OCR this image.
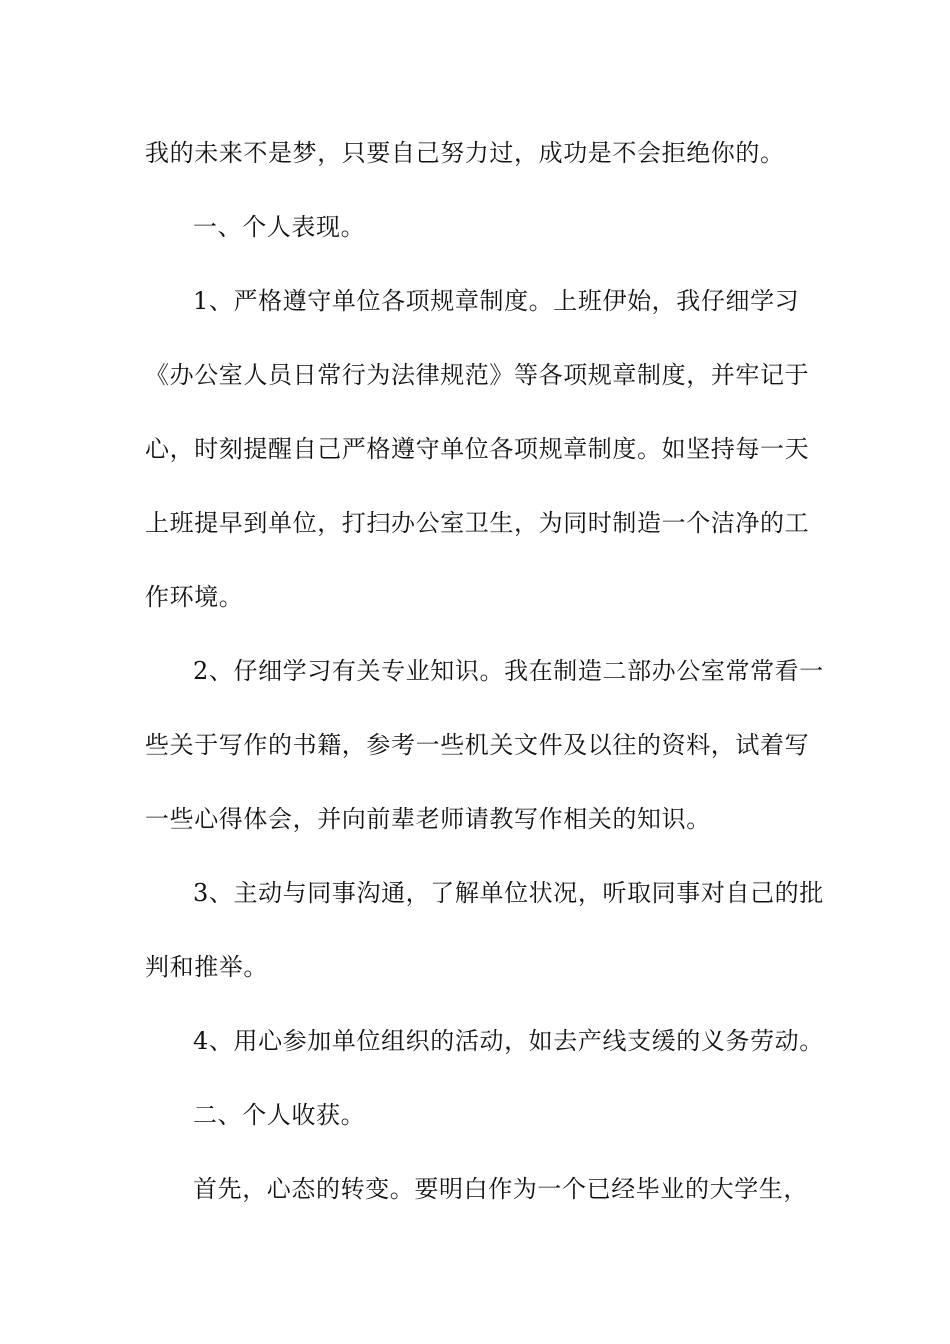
我的未来不是梦，只要自己努力过，成功是不会拒绝你的。
一、个人表现。
1、严格遵守单位各项规章制度。上班伊始，我仔细学习
《办公室人员日常行为法律规范》等各项规章制度，并牢记于
心，时刻提醒自己严格遵守单位各项规章制度。如坚持每一天
上班提早到单位，打扫办公室卫生，为同时制造一个洁净的工
作环境。
2、仔细学习有关专业知识。我在制造二部办公室常常看一
些关于写作的书籍，参考一些机关文件及以往的资料，试着写
一些心得体会，并向前辈老师请教写作相关的知识。
3、主动与同事沟通，了解单位状况，听取同事对自己的批
判和推举。
4、用心参加单位组织的活动，如去产线支缓的义务劳动。
二、个人收获。
首先，心态的转变。要明白作为一个已经毕业的大学生，
